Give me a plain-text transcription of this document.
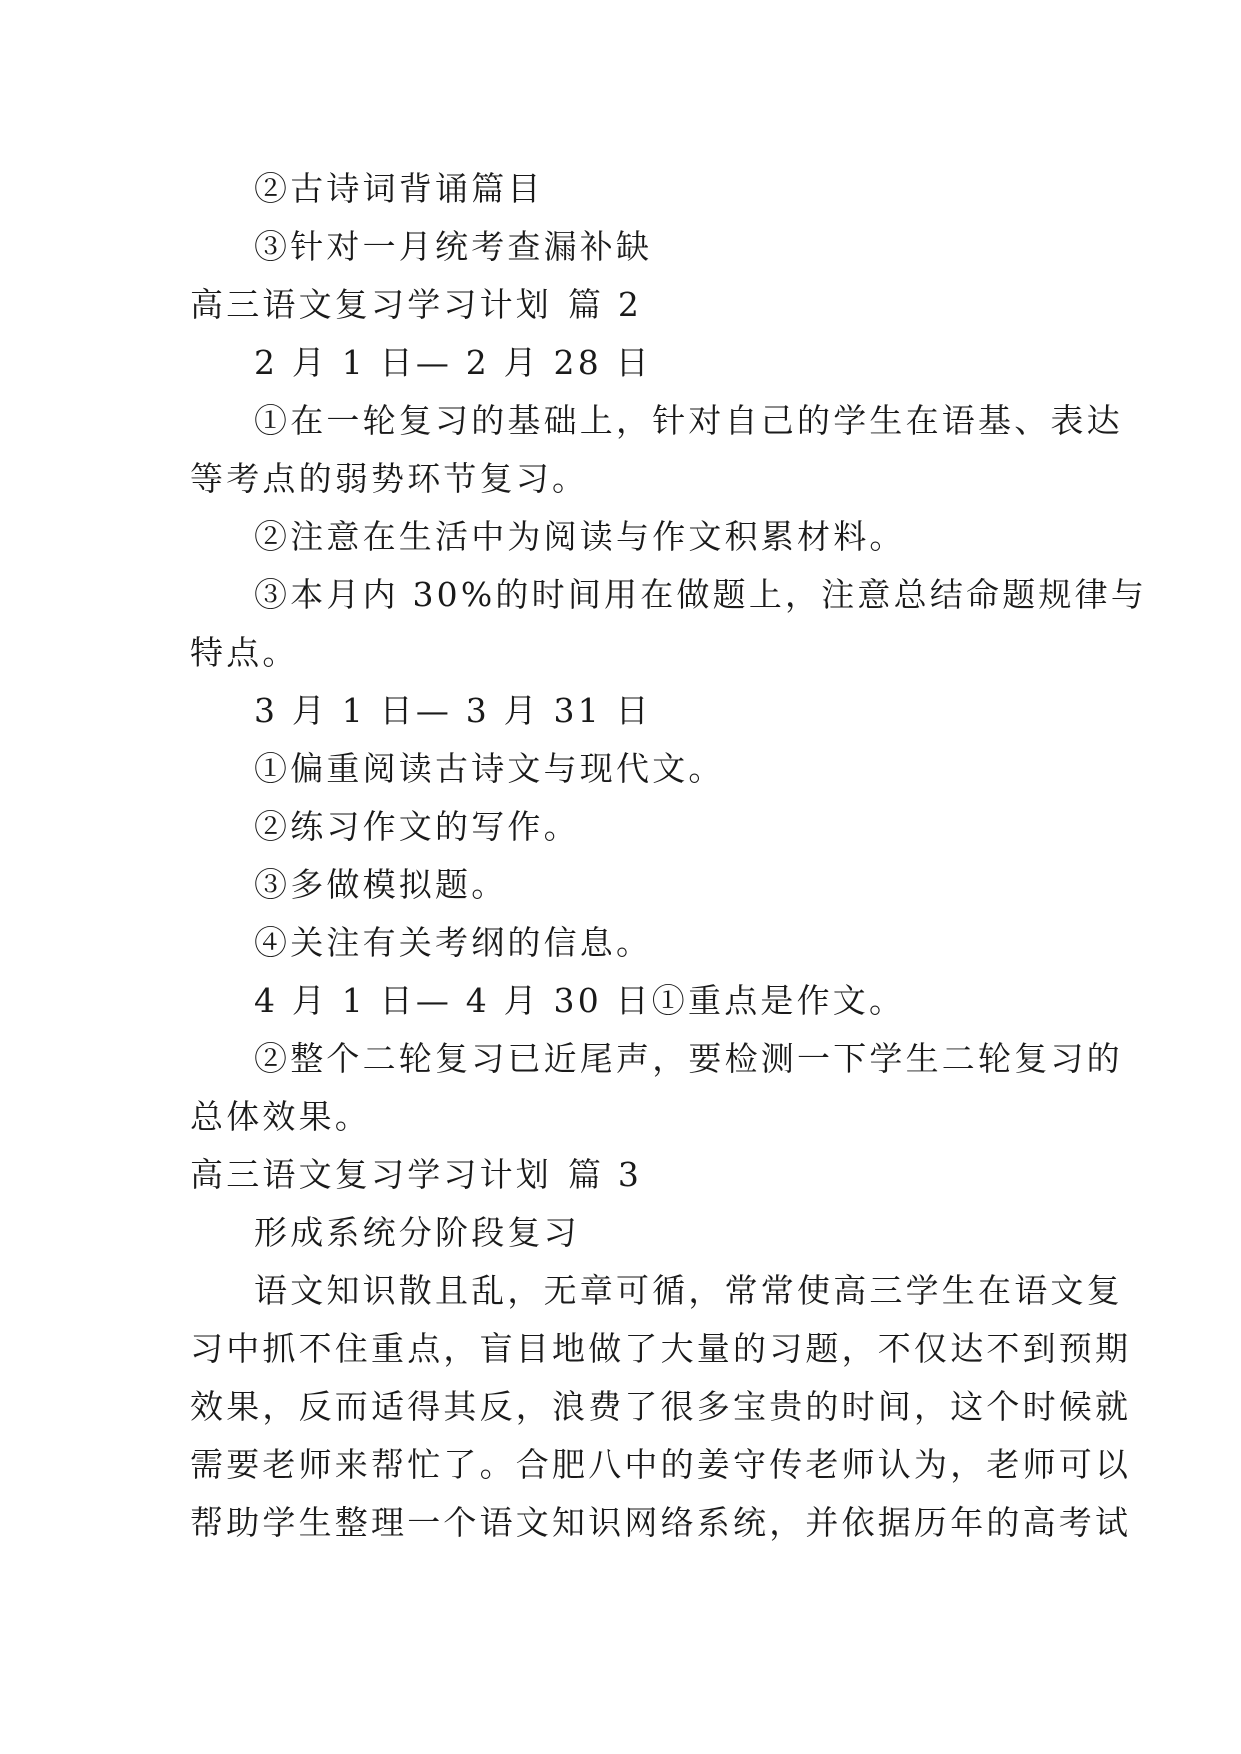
②古诗词背诵篇目
③针对一月统考查漏补缺
高三语文复习学习计划 篇 2
2 月 1 日— 2 月 28 日
①在一轮复习的基础上，针对自己的学生在语基、表达
等考点的弱势环节复习。
②注意在生活中为阅读与作文积累材料。
③本月内 30%的时间用在做题上，注意总结命题规律与
特点。
3 月 1 日— 3 月 31 日
①偏重阅读古诗文与现代文。
②练习作文的写作。
③多做模拟题。
④关注有关考纲的信息。
4 月 1 日— 4 月 30 日①重点是作文。
②整个二轮复习已近尾声，要检测一下学生二轮复习的
总体效果。
高三语文复习学习计划 篇 3
形成系统分阶段复习
语文知识散且乱，无章可循，常常使高三学生在语文复
习中抓不住重点，盲目地做了大量的习题，不仅达不到预期
效果，反而适得其反，浪费了很多宝贵的时间，这个时候就
需要老师来帮忙了。合肥八中的姜守传老师认为，老师可以
帮助学生整理一个语文知识网络系统，并依据历年的高考试
